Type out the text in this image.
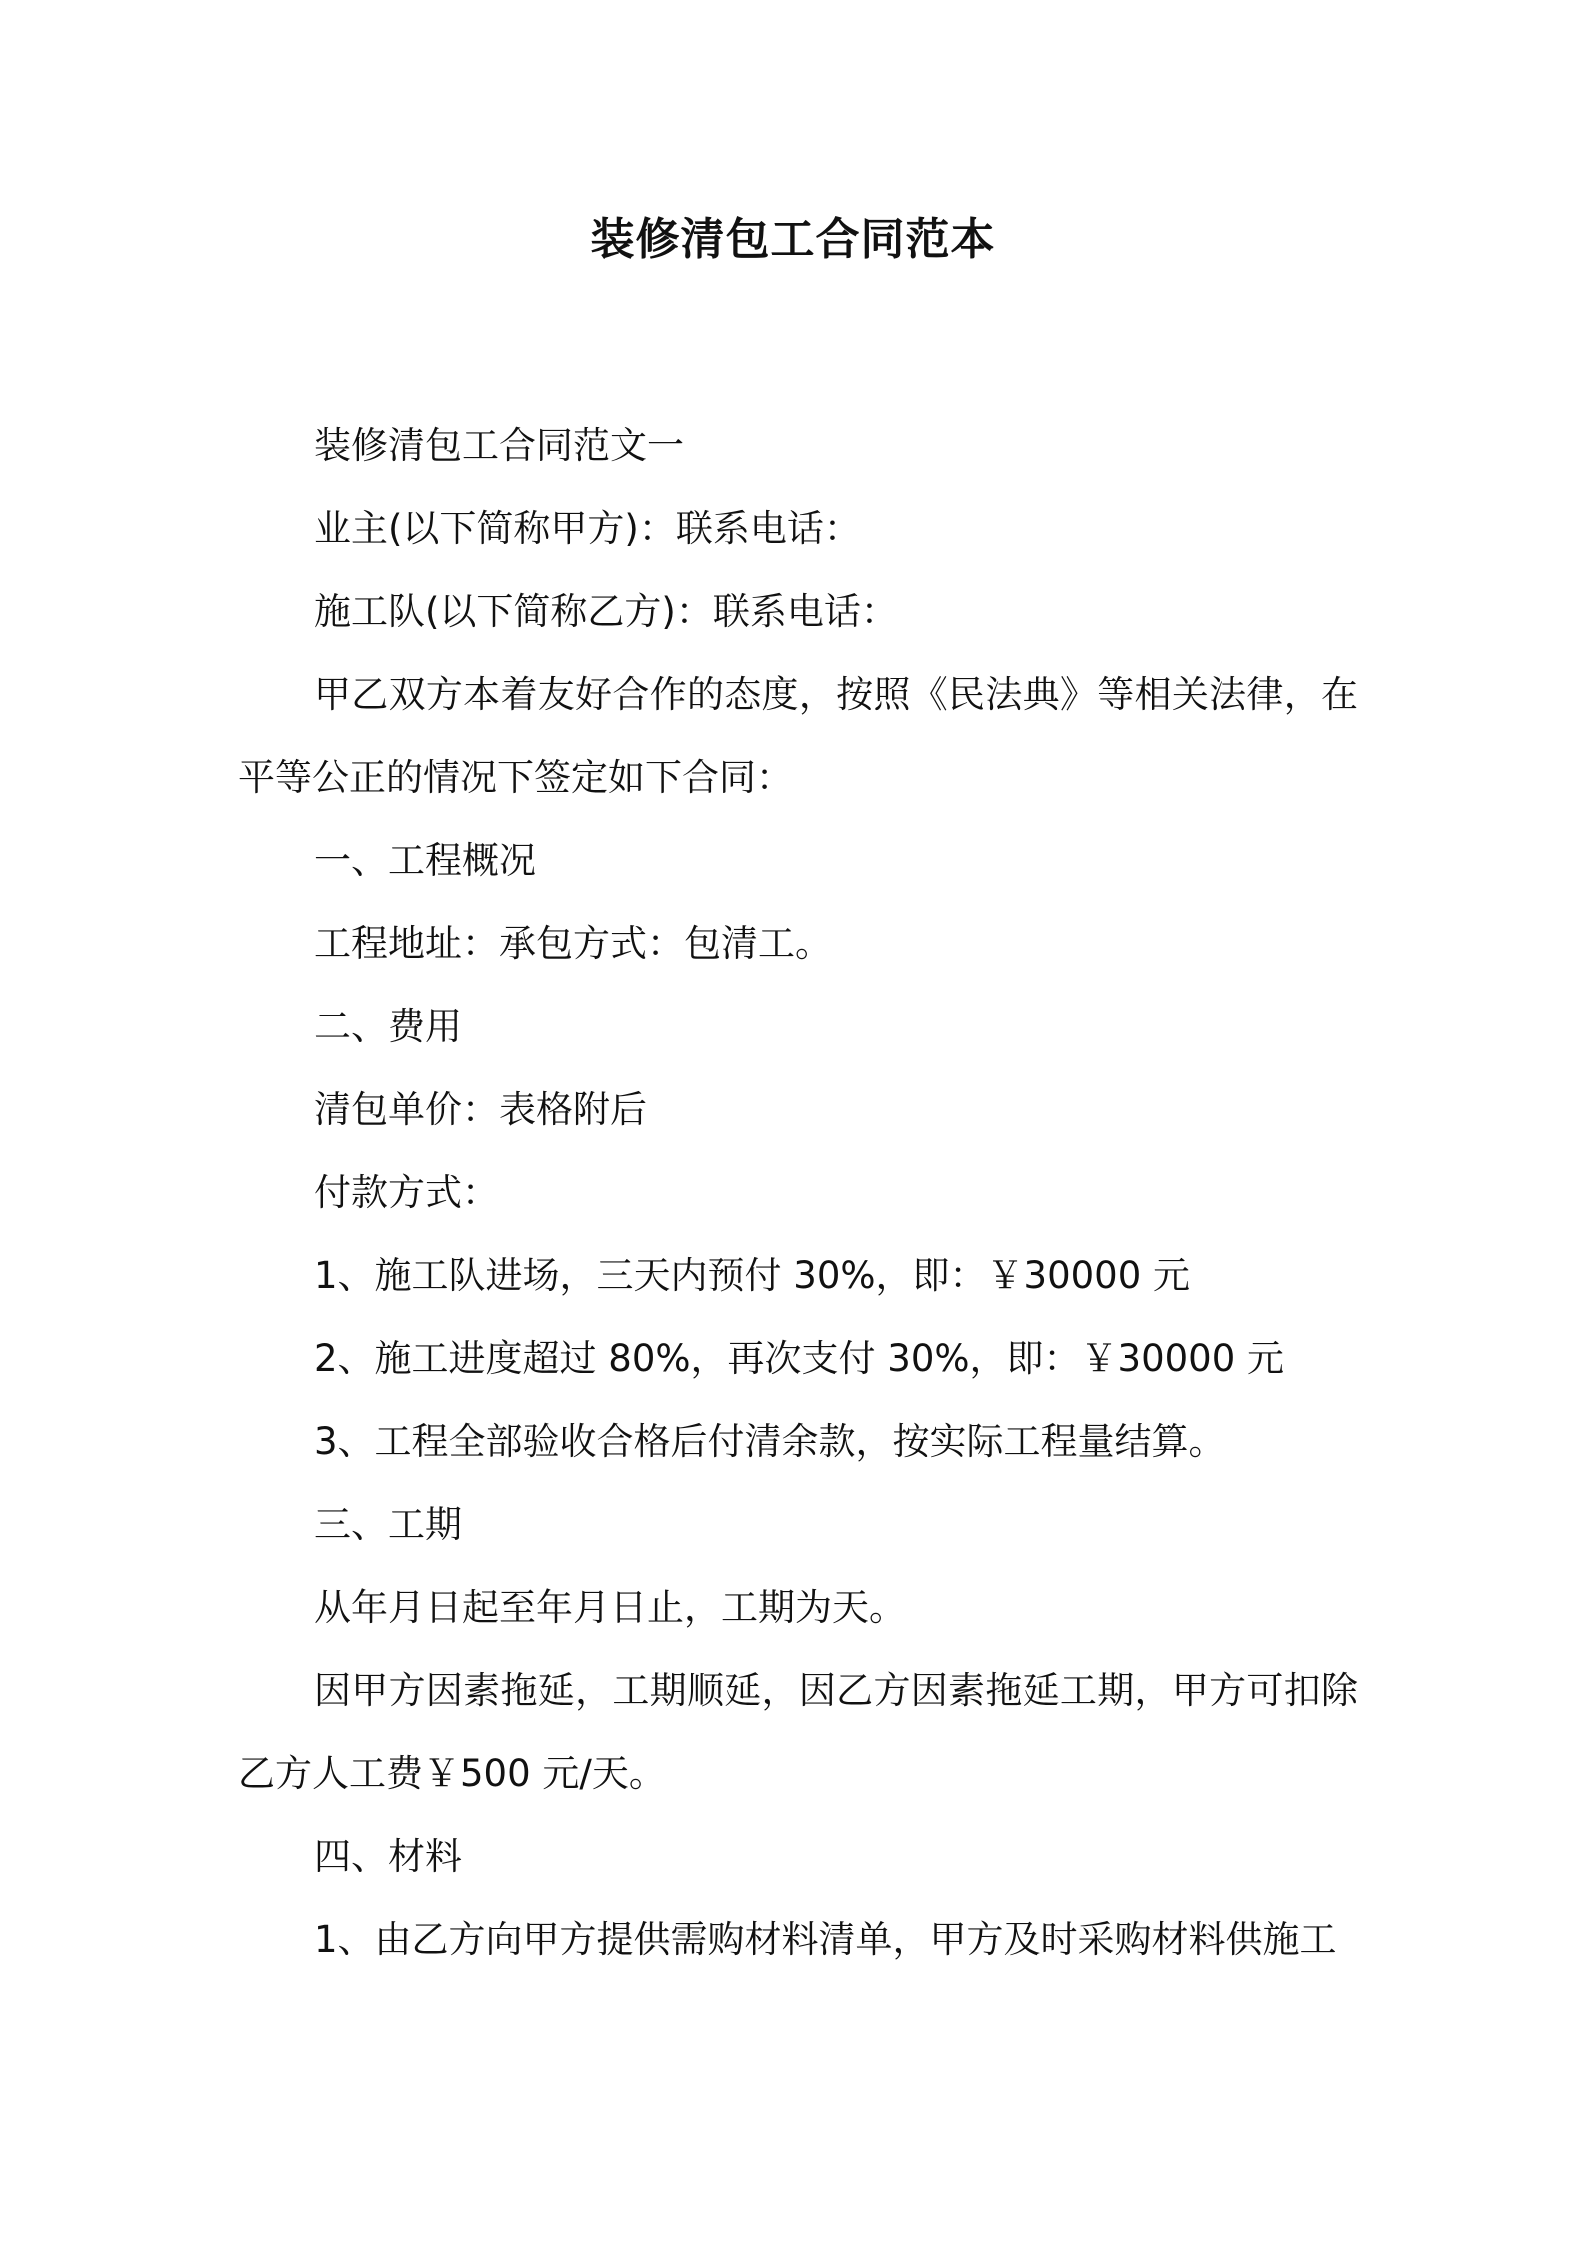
装修清包工合同范本

装修清包工合同范文一

业主(以下简称甲方)：联系电话：

施工队(以下简称乙方)：联系电话：

甲乙双方本着友好合作的态度，按照《民法典》等相关法律，在平等公正的情况下签定如下合同：

一、工程概况

工程地址：承包方式：包清工。

二、费用

清包单价：表格附后

付款方式：

1、施工队进场，三天内预付 30%，即：￥30000 元

2、施工进度超过 80%，再次支付 30%，即：￥30000 元

3、工程全部验收合格后付清余款，按实际工程量结算。

三、工期

从年月日起至年月日止，工期为天。

因甲方因素拖延，工期顺延，因乙方因素拖延工期，甲方可扣除乙方人工费￥500 元/天。

四、材料

1、由乙方向甲方提供需购材料清单，甲方及时采购材料供施工
